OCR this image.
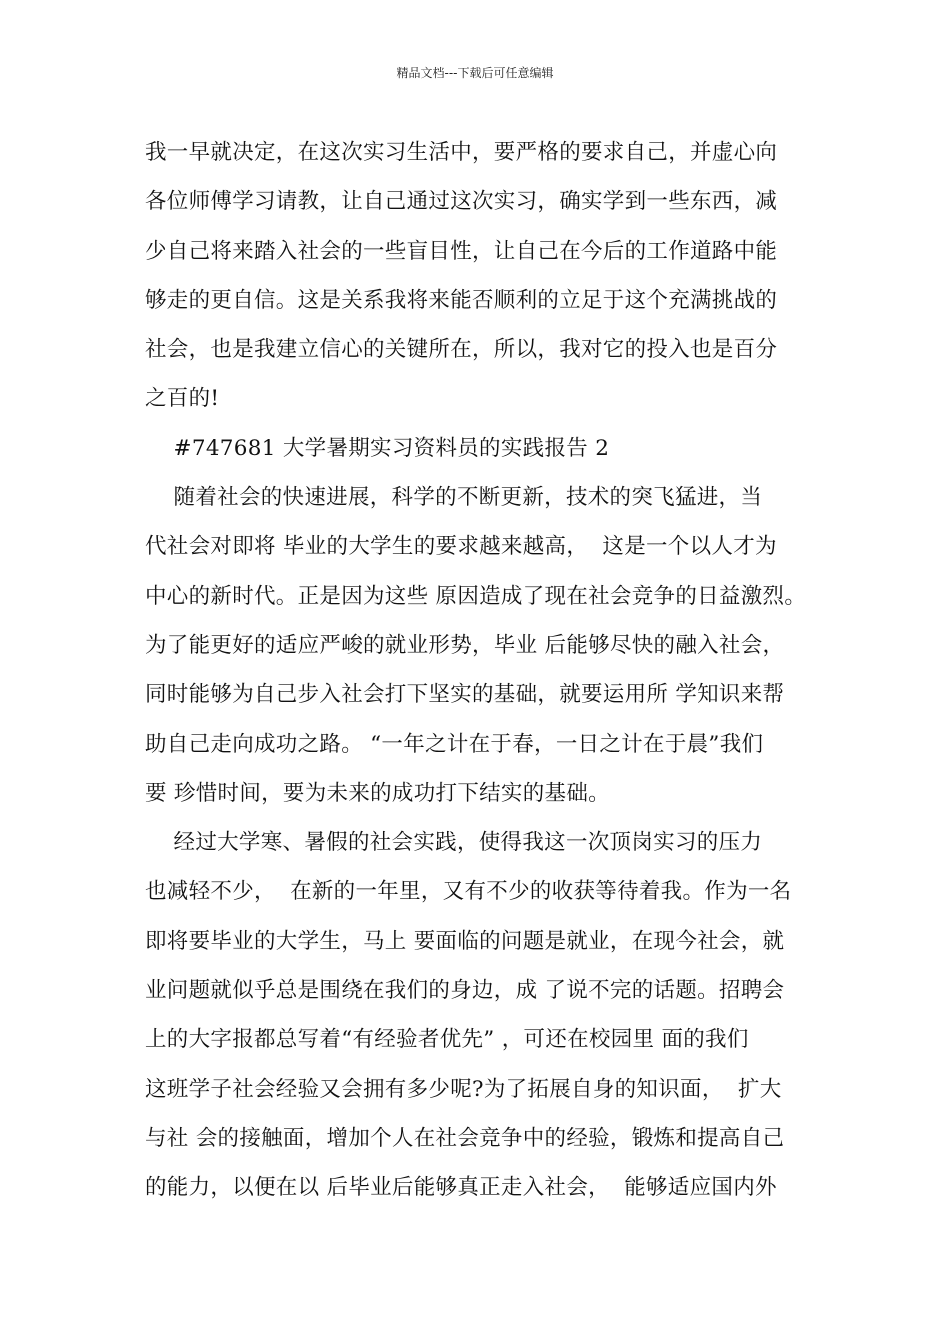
精品文档---下载后可任意编辑
我一早就决定，在这次实习生活中，要严格的要求自己，并虚心向
各位师傅学习请教，让自己通过这次实习，确实学到一些东西，减
少自己将来踏入社会的一些盲目性，让自己在今后的工作道路中能
够走的更自信。这是关系我将来能否顺利的立足于这个充满挑战的
社会，也是我建立信心的关键所在，所以，我对它的投入也是百分
之百的!
#747681 大学暑期实习资料员的实践报告 2
随着社会的快速进展，科学的不断更新，技术的突飞猛进，当
代社会对即将 毕业的大学生的要求越来越高，  这是一个以人才为
中心的新时代。正是因为这些 原因造成了现在社会竞争的日益激烈。
为了能更好的适应严峻的就业形势，毕业 后能够尽快的融入社会，
同时能够为自己步入社会打下坚实的基础，就要运用所 学知识来帮
助自己走向成功之路。 “一年之计在于春，一日之计在于晨”我们
要 珍惜时间，要为未来的成功打下结实的基础。
经过大学寒、暑假的社会实践，使得我这一次顶岗实习的压力
也减轻不少，  在新的一年里，又有不少的收获等待着我。作为一名
即将要毕业的大学生，马上 要面临的问题是就业，在现今社会，就
业问题就似乎总是围绕在我们的身边，成 了说不完的话题。招聘会
上的大字报都总写着“有经验者优先” ，可还在校园里 面的我们
这班学子社会经验又会拥有多少呢?为了拓展自身的知识面，  扩大
与社 会的接触面，增加个人在社会竞争中的经验，锻炼和提高自己
的能力，以便在以 后毕业后能够真正走入社会，  能够适应国内外
